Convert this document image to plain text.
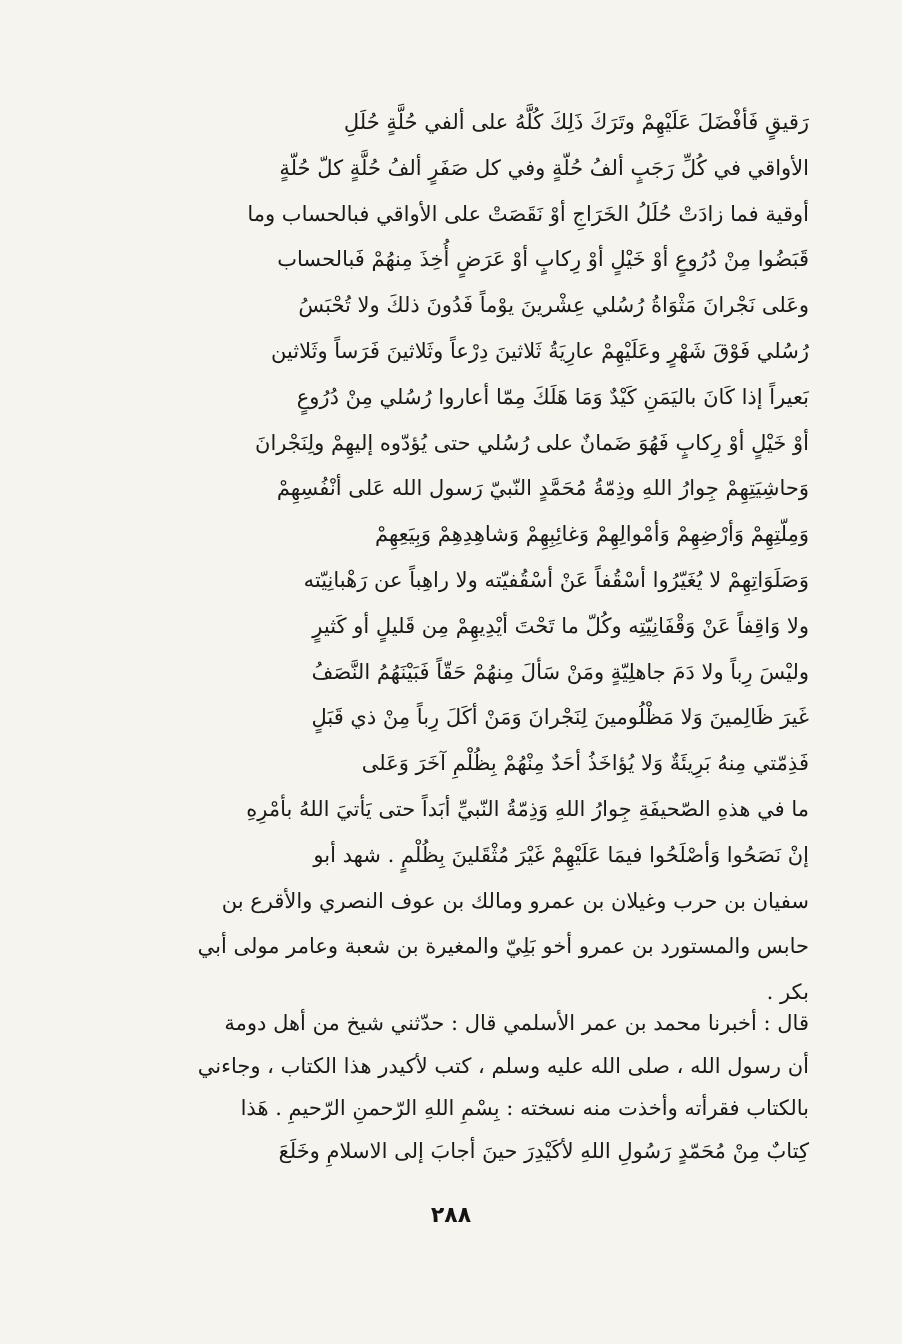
رَقيقٍ فَأفْضَلَ عَلَيْهِمْ وتَرَكَ ذَلِكَ كُلَّهُ على ألفي حُلَّةٍ حُلَلِ
الأواقي في كُلِّ رَجَبٍ ألفُ حُلّةٍ وفي كل صَفَرٍ ألفُ حُلَّةٍ كلّ حُلّةٍ
أوقية فما زادَتْ حُلَلُ الخَرَاجِ أوْ نَقَصَتْ على الأواقي فبالحساب وما
قَبَضُوا مِنْ دُرُوعٍ أوْ خَيْلٍ أوْ رِكابٍ أوْ عَرَضٍ أُخِذَ مِنهُمْ فَبالحساب
وعَلى نَجْرانَ مَثْوَاةُ رُسُلي عِشْرينَ يوْماً فَدُونَ ذلكَ ولا تُحْبَسُ
رُسُلي فَوْقَ شَهْرٍ وعَلَيْهِمْ عارِيَةُ ثَلاثينَ دِرْعاً وثَلاثينَ فَرَساً وثَلاثين
بَعيراً إذا كَانَ باليَمَنِ كَيْدٌ وَمَا هَلَكَ مِمّا أعاروا رُسُلي مِنْ دُرُوعٍ
أوْ خَيْلٍ أوْ رِكابٍ فَهُوَ ضَمانٌ على رُسُلي حتى يُؤدّوه إليهِمْ ولِنَجْرانَ
وَحاشِيَتِهِمْ جِوارُ اللهِ وذِمّةُ مُحَمَّدٍ النّبيّ رَسول الله عَلى أنْفُسِهِمْ
وَمِلّتِهِمْ وَأرْضِهِمْ وَأمْوالِهِمْ وَغائِبِهِمْ وَشاهِدِهِمْ وَبِيَعِهِمْ
وَصَلَوَاتِهِمْ لا يُغَيّرُوا أسْقُفاً عَنْ أسْقُفيّته ولا راهِباً عن رَهْبانِيّته
ولا وَاقِفاً عَنْ وَقْفَانِيّتِه وكُلّ ما تَحْتَ أيْدِيهِمْ مِن قَليلٍ أو كَثيرٍ
وليْسَ رِباً ولا دَمَ جاهلِيّةٍ ومَنْ سَألَ مِنهُمْ حَقّاً فَبَيْنَهُمُ النَّصَفُ
غَيرَ ظَالِمينَ وَلا مَظْلُومينَ لِنَجْرانَ وَمَنْ أكَلَ رِباً مِنْ ذي قَبَلٍ
فَذِمّتي مِنهُ بَرِيئَةٌ وَلا يُؤاخَذُ أحَدٌ مِنْهُمْ بِظُلْمِ آخَرَ وَعَلى
ما في هذهِ الصّحيفَةِ جِوارُ اللهِ وَذِمّةُ النّبيِّ أبَداً حتى يَأتيَ اللهُ بأمْرِهِ
إنْ نَصَحُوا وَأصْلَحُوا فيمَا عَلَيْهِمْ غَيْرَ مُثْقَلينَ بِظُلْمٍ . شهد أبو
سفيان بن حرب وغيلان بن عمرو ومالك بن عوف النصري والأقرع بن
حابس والمستورد بن عمرو أخو بَلِيّ والمغيرة بن شعبة وعامر مولى أبي
بكر .
قال : أخبرنا محمد بن عمر الأسلمي قال : حدّثني شيخ من أهل دومة
أن رسول الله ، صلى الله عليه وسلم ، كتب لأكيدر هذا الكتاب ، وجاءني
بالكتاب فقرأته وأخذت منه نسخته : بِسْمِ اللهِ الرّحمنِ الرّحيمِ . هَذا
كِتابٌ مِنْ مُحَمّدٍ رَسُولِ اللهِ لأكَيْدِرَ حينَ أجابَ إلى الاسلامِ وخَلَعَ
٢٨٨
